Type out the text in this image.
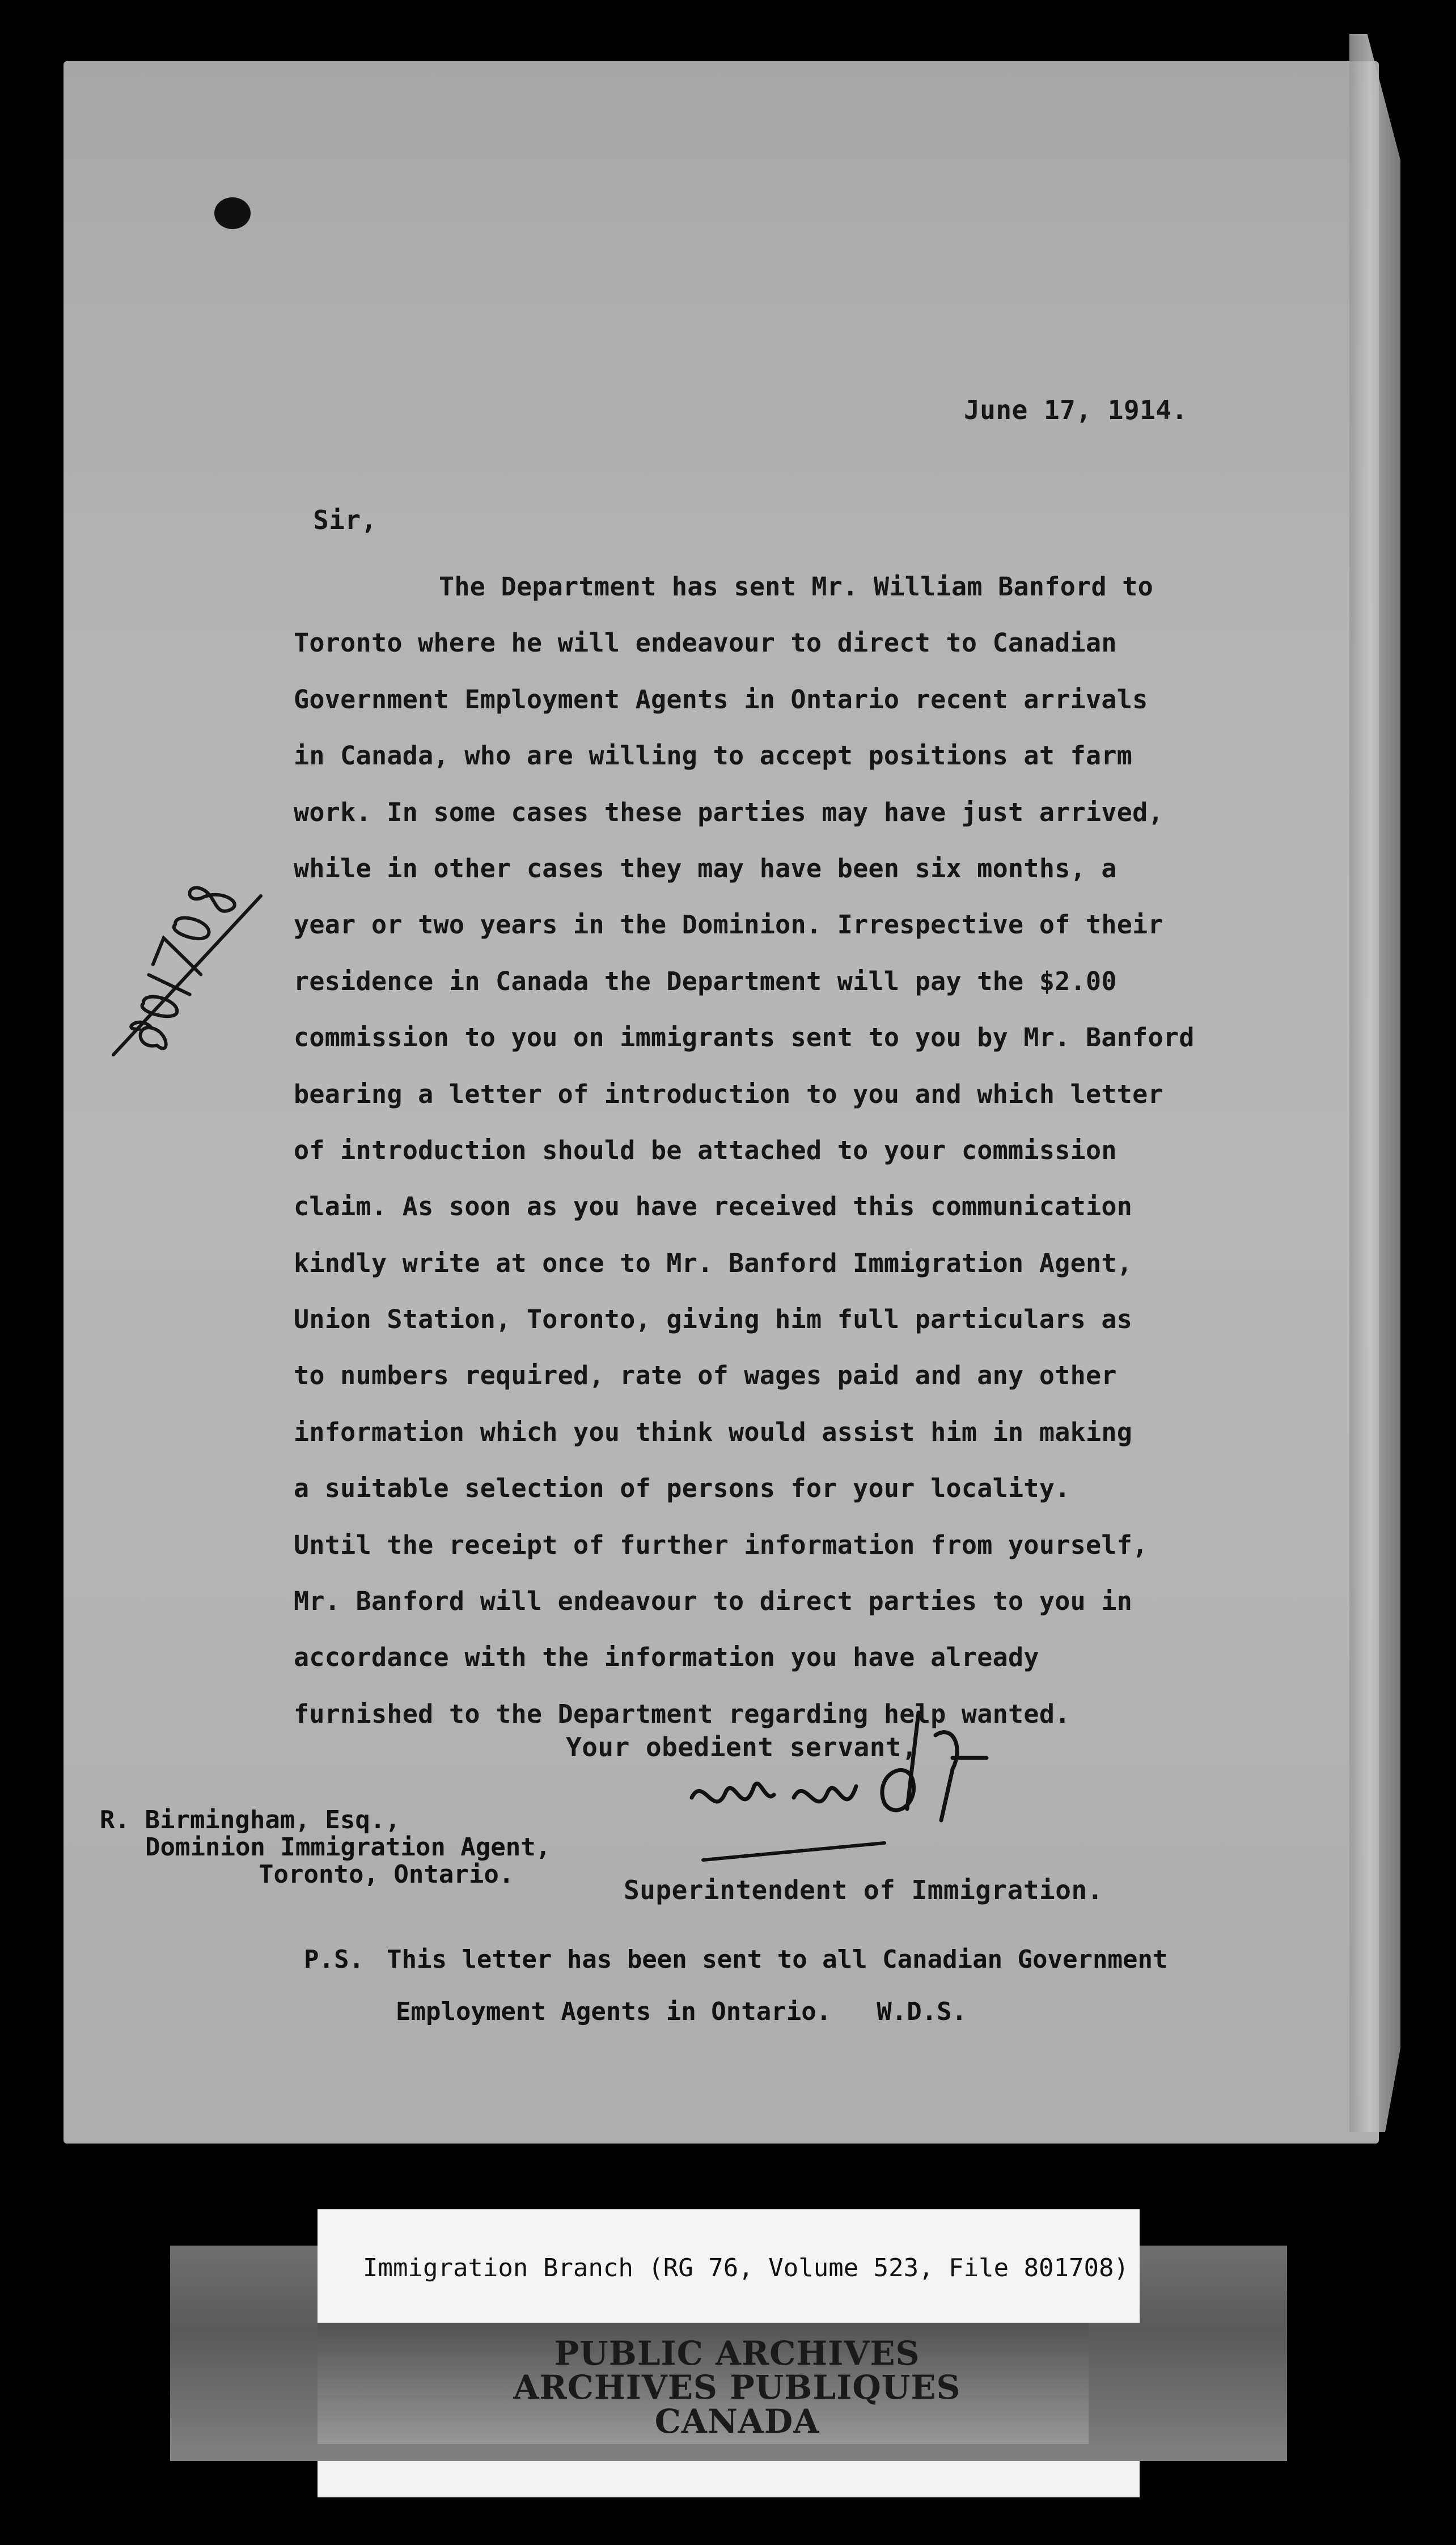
June 17, 1914.

Sir,

The Department has sent Mr. William Banford to
Toronto where he will endeavour to direct to Canadian
Government Employment Agents in Ontario recent arrivals
in Canada, who are willing to accept positions at farm
work. In some cases these parties may have just arrived,
while in other cases they may have been six months, a
year or two years in the Dominion. Irrespective of their
residence in Canada the Department will pay the $2.00
commission to you on immigrants sent to you by Mr. Banford
bearing a letter of introduction to you and which letter
of introduction should be attached to your commission
claim. As soon as you have received this communication
kindly write at once to Mr. Banford Immigration Agent,
Union Station, Toronto, giving him full particulars as
to numbers required, rate of wages paid and any other
information which you think would assist him in making
a suitable selection of persons for your locality.
Until the receipt of further information from yourself,
Mr. Banford will endeavour to direct parties to you in
accordance with the information you have already
furnished to the Department regarding help wanted.

Your obedient servant,

R. Birmingham, Esq.,
Dominion Immigration Agent,
Toronto, Ontario.

Superintendent of Immigration.

P.S. This letter has been sent to all Canadian Government
Employment Agents in Ontario. W.D.S.

Immigration Branch (RG 76, Volume 523, File 801708)

PUBLIC ARCHIVES
ARCHIVES PUBLIQUES
CANADA
